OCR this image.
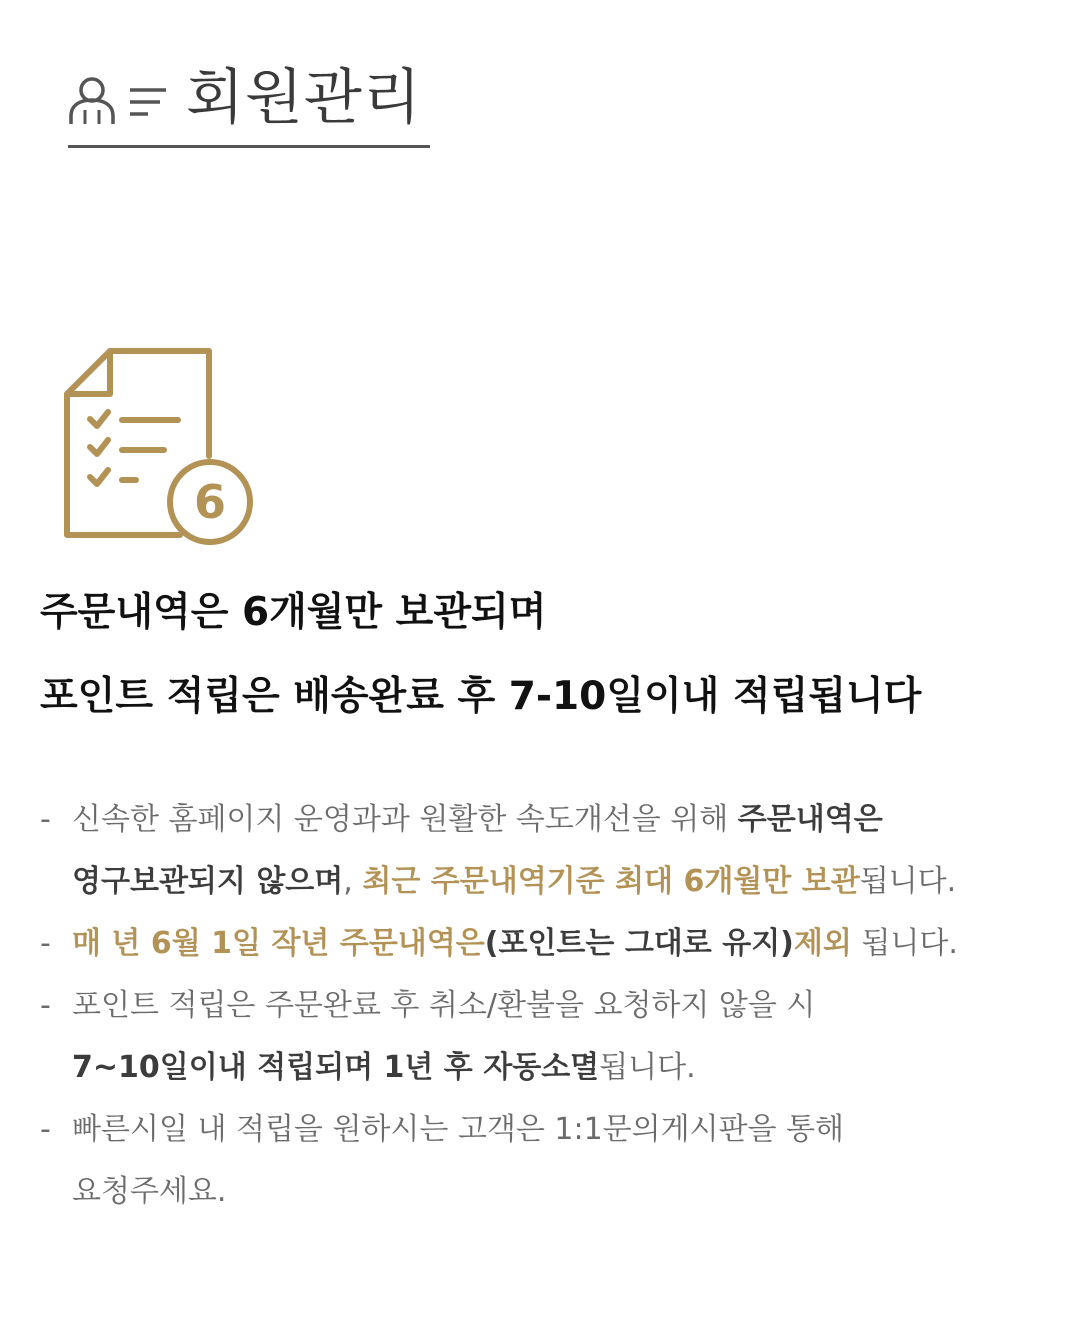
회원관리
6
주문내역은 6개월만 보관되며
포인트 적립은 배송완료 후 7-10일이내 적립됩니다
- 신속한 홈페이지 운영과과 원활한 속도개선을 위해 주문내역은
영구보관되지 않으며, 최근 주문내역기준 최대 6개월만 보관됩니다.
- 매 년 6월 1일 작년 주문내역은(포인트는 그대로 유지)제외 됩니다.
- 포인트 적립은 주문완료 후 취소/환불을 요청하지 않을 시
7~10일이내 적립되며 1년 후 자동소멸됩니다.
- 빠른시일 내 적립을 원하시는 고객은 1:1문의게시판을 통해
요청주세요.
